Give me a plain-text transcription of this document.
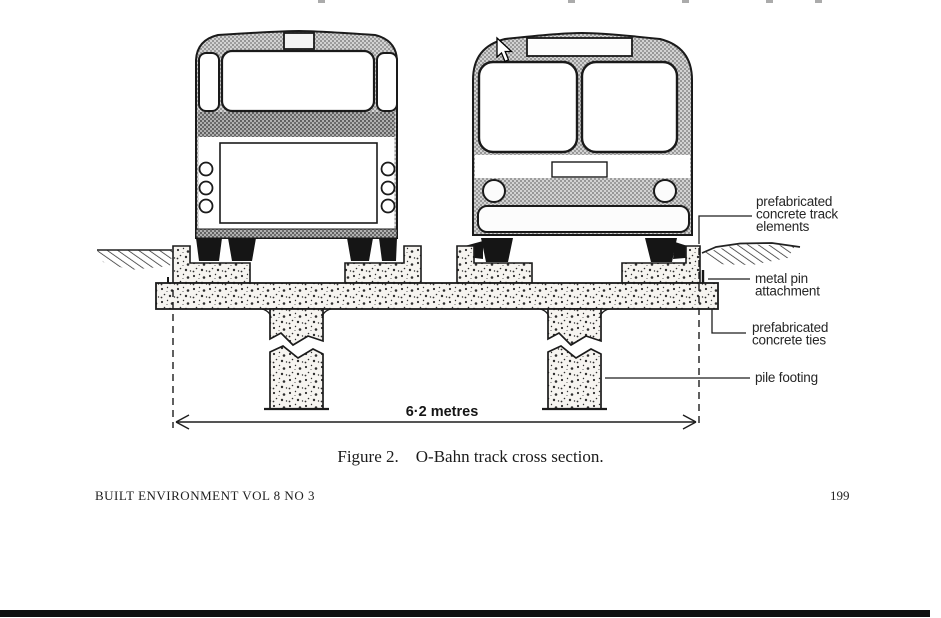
6·2 metres
prefabricated concrete track elements
metal pin attachment
prefabricated concrete ties
pile footing
Figure 2. O-Bahn track cross section.
BUILT ENVIRONMENT VOL 8 NO 3	199
